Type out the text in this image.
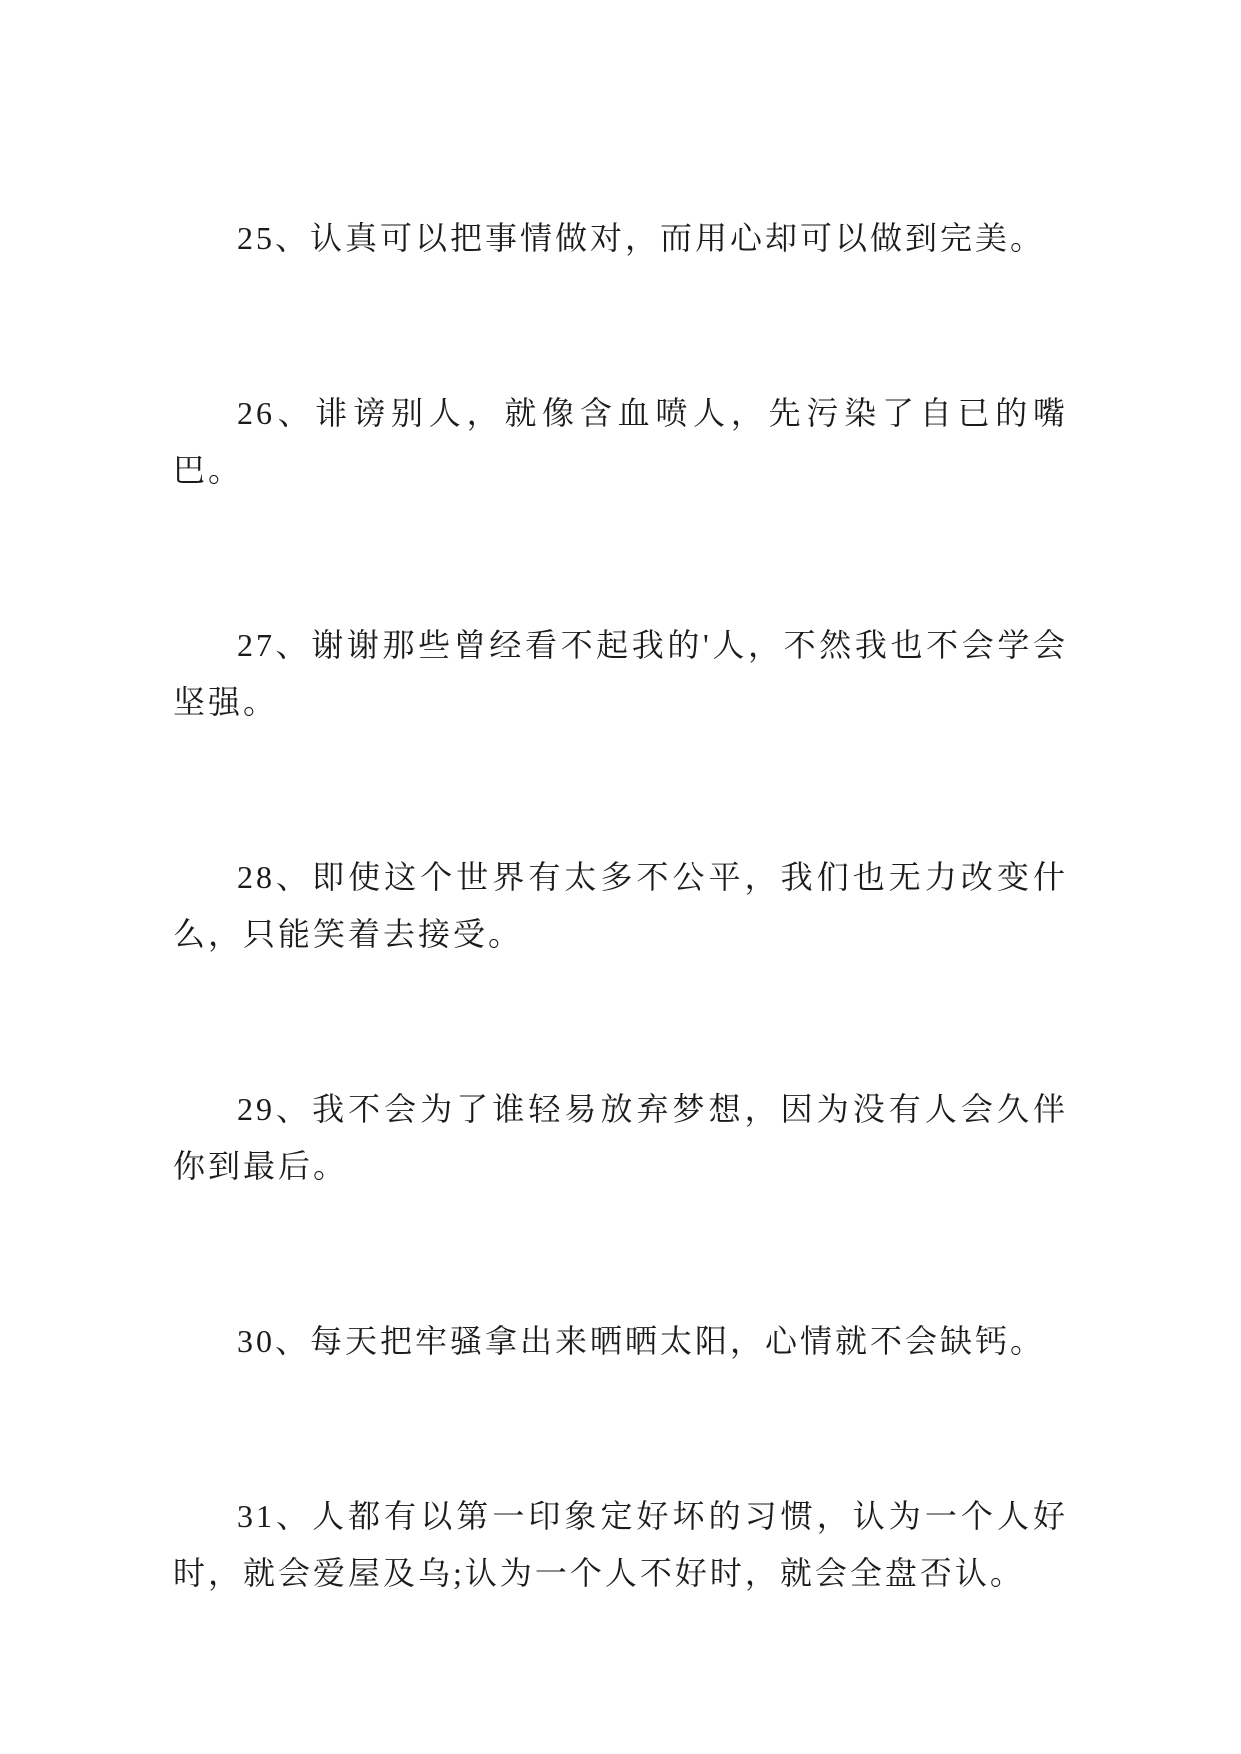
25、认真可以把事情做对，而用心却可以做到完美。

26、诽谤别人，就像含血喷人，先污染了自已的嘴巴。

27、谢谢那些曾经看不起我的'人，不然我也不会学会坚强。

28、即使这个世界有太多不公平，我们也无力改变什么，只能笑着去接受。

29、我不会为了谁轻易放弃梦想，因为没有人会久伴你到最后。

30、每天把牢骚拿出来晒晒太阳，心情就不会缺钙。

31、人都有以第一印象定好坏的习惯，认为一个人好时，就会爱屋及乌;认为一个人不好时，就会全盘否认。
